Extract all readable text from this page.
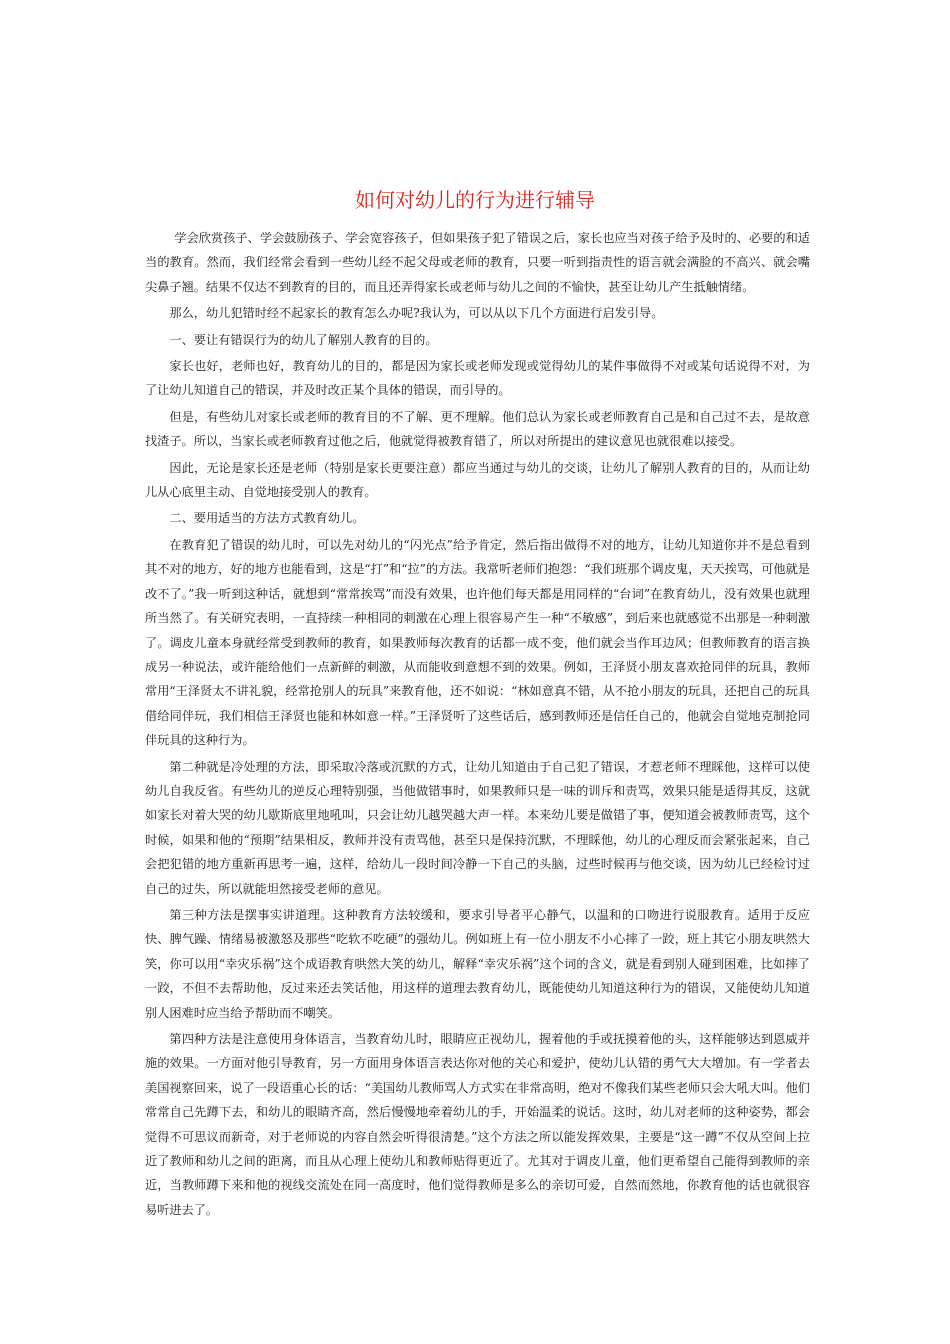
如何对幼儿的行为进行辅导

学会欣赏孩子、学会鼓励孩子、学会宽容孩子，但如果孩子犯了错误之后，家长也应当对孩子给予及时的、必要的和适当的教育。然而，我们经常会看到一些幼儿经不起父母或老师的教育，只要一听到指责性的语言就会满脸的不高兴、就会嘴尖鼻子翘。结果不仅达不到教育的目的，而且还弄得家长或老师与幼儿之间的不愉快，甚至让幼儿产生抵触情绪。

那么，幼儿犯错时经不起家长的教育怎么办呢?我认为，可以从以下几个方面进行启发引导。

一、要让有错误行为的幼儿了解别人教育的目的。

家长也好，老师也好，教育幼儿的目的，都是因为家长或老师发现或觉得幼儿的某件事做得不对或某句话说得不对，为了让幼儿知道自己的错误，并及时改正某个具体的错误，而引导的。

但是，有些幼儿对家长或老师的教育目的不了解、更不理解。他们总认为家长或老师教育自己是和自己过不去，是故意找渣子。所以，当家长或老师教育过他之后，他就觉得被教育错了，所以对所提出的建议意见也就很难以接受。

因此，无论是家长还是老师（特别是家长更要注意）都应当通过与幼儿的交谈，让幼儿了解别人教育的目的，从而让幼儿从心底里主动、自觉地接受别人的教育。

二、要用适当的方法方式教育幼儿。

在教育犯了错误的幼儿时，可以先对幼儿的“闪光点”给予肯定，然后指出做得不对的地方，让幼儿知道你并不是总看到其不对的地方，好的地方也能看到，这是“打”和“拉”的方法。我常听老师们抱怨：“我们班那个调皮鬼，天天挨骂，可他就是改不了。”我一听到这种话，就想到“常常挨骂”而没有效果，也许他们每天都是用同样的“台词”在教育幼儿，没有效果也就理所当然了。有关研究表明，一直持续一种相同的刺激在心理上很容易产生一种“不敏感”，到后来也就感觉不出那是一种刺激了。调皮儿童本身就经常受到教师的教育，如果教师每次教育的话都一成不变，他们就会当作耳边风；但教师教育的语言换成另一种说法，或许能给他们一点新鲜的刺激，从而能收到意想不到的效果。例如，王泽贤小朋友喜欢抢同伴的玩具，教师常用“王泽贤太不讲礼貌，经常抢别人的玩具”来教育他，还不如说：“林如意真不错，从不抢小朋友的玩具，还把自己的玩具借给同伴玩，我们相信王泽贤也能和林如意一样。”王泽贤听了这些话后，感到教师还是信任自己的，他就会自觉地克制抢同伴玩具的这种行为。

第二种就是冷处理的方法，即采取冷落或沉默的方式，让幼儿知道由于自己犯了错误，才惹老师不理睬他，这样可以使幼儿自我反省。有些幼儿的逆反心理特别强，当他做错事时，如果教师只是一味的训斥和责骂，效果只能是适得其反，这就如家长对着大哭的幼儿歇斯底里地吼叫，只会让幼儿越哭越大声一样。本来幼儿要是做错了事，便知道会被教师责骂，这个时候，如果和他的“预期”结果相反，教师并没有责骂他，甚至只是保持沉默，不理睬他，幼儿的心理反而会紧张起来，自己会把犯错的地方重新再思考一遍，这样，给幼儿一段时间冷静一下自己的头脑，过些时候再与他交谈，因为幼儿已经检讨过自己的过失，所以就能坦然接受老师的意见。

第三种方法是摆事实讲道理。这种教育方法较缓和，要求引导者平心静气，以温和的口吻进行说服教育。适用于反应快、脾气躁、情绪易被激怒及那些“吃软不吃硬”的强幼儿。例如班上有一位小朋友不小心摔了一跤，班上其它小朋友哄然大笑，你可以用“幸灾乐祸”这个成语教育哄然大笑的幼儿，解释“幸灾乐祸”这个词的含义，就是看到别人碰到困难，比如摔了一跤，不但不去帮助他，反过来还去笑话他，用这样的道理去教育幼儿，既能使幼儿知道这种行为的错误，又能使幼儿知道别人困难时应当给予帮助而不嘲笑。

第四种方法是注意使用身体语言，当教育幼儿时，眼睛应正视幼儿，握着他的手或抚摸着他的头，这样能够达到恩威并施的效果。一方面对他引导教育，另一方面用身体语言表达你对他的关心和爱护，使幼儿认错的勇气大大增加。有一学者去美国视察回来，说了一段语重心长的话：“美国幼儿教师骂人方式实在非常高明，绝对不像我们某些老师只会大吼大叫。他们常常自己先蹲下去，和幼儿的眼睛齐高，然后慢慢地牵着幼儿的手，开始温柔的说话。这时，幼儿对老师的这种姿势，都会觉得不可思议而新奇，对于老师说的内容自然会听得很清楚。”这个方法之所以能发挥效果，主要是“这一蹲”不仅从空间上拉近了教师和幼儿之间的距离，而且从心理上使幼儿和教师贴得更近了。尤其对于调皮儿童，他们更希望自己能得到教师的亲近，当教师蹲下来和他的视线交流处在同一高度时，他们觉得教师是多么的亲切可爱，自然而然地，你教育他的话也就很容易听进去了。
